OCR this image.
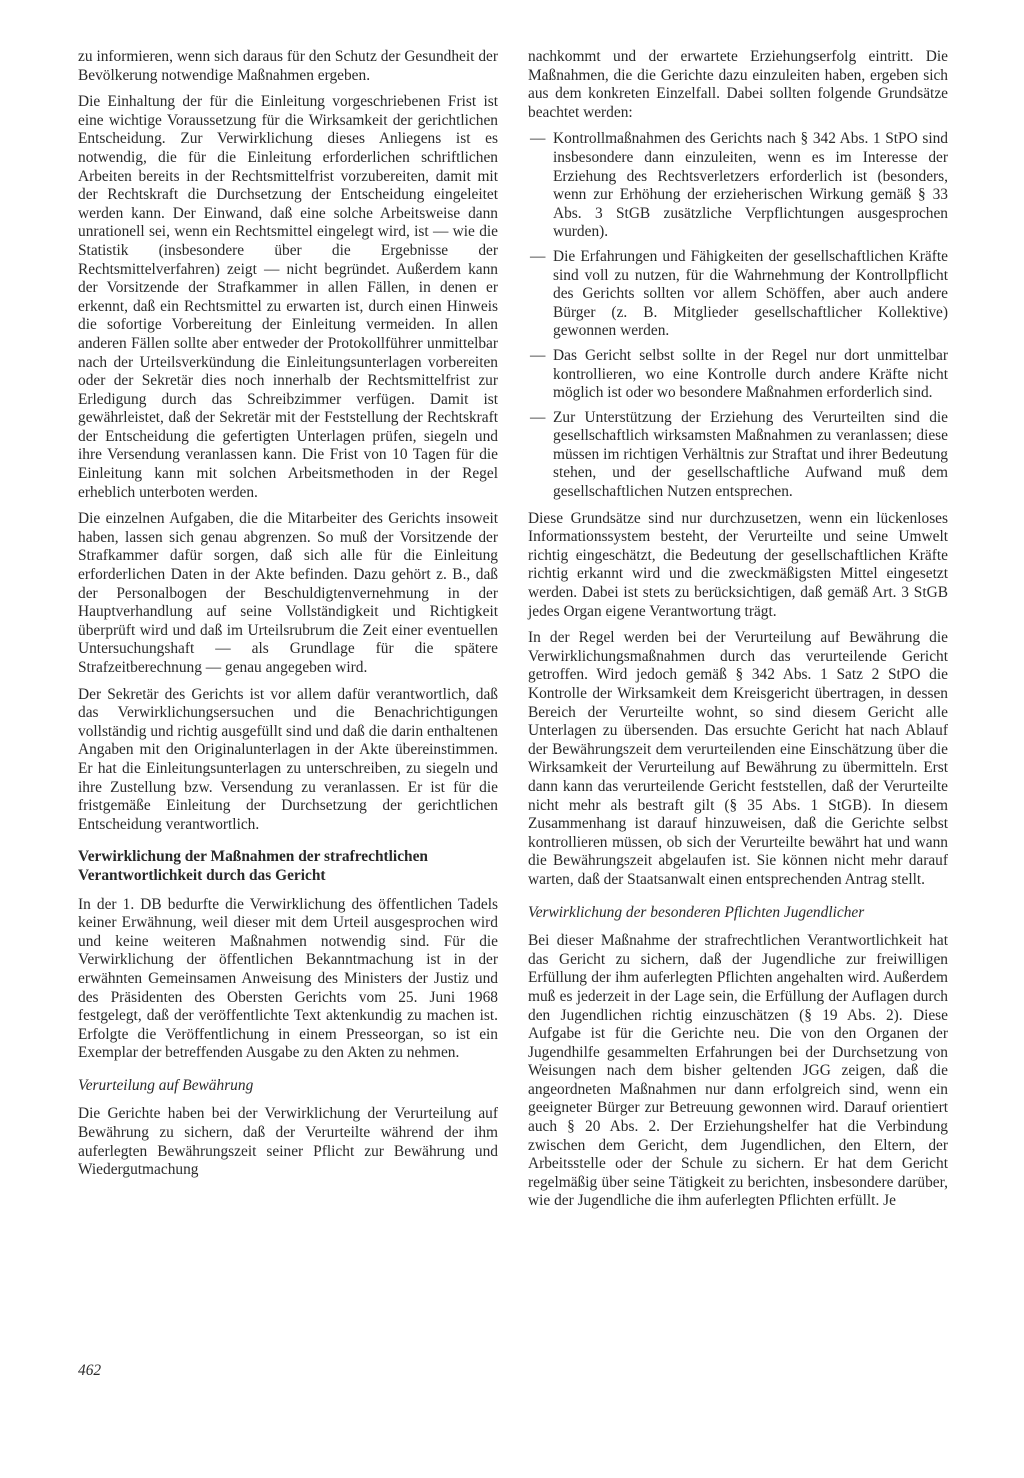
zu informieren, wenn sich daraus für den Schutz der Gesundheit der Bevölkerung notwendige Maßnahmen ergeben.

Die Einhaltung der für die Einleitung vorgeschriebenen Frist ist eine wichtige Voraussetzung für die Wirksamkeit der gerichtlichen Entscheidung. Zur Verwirklichung dieses Anliegens ist es notwendig, die für die Einleitung erforderlichen schriftlichen Arbeiten bereits in der Rechtsmittelfrist vorzubereiten, damit mit der Rechtskraft die Durchsetzung der Entscheidung eingeleitet werden kann. Der Einwand, daß eine solche Arbeitsweise dann unrationell sei, wenn ein Rechtsmittel eingelegt wird, ist — wie die Statistik (insbesondere über die Ergebnisse der Rechtsmittelverfahren) zeigt — nicht begründet. Außerdem kann der Vorsitzende der Strafkammer in allen Fällen, in denen er erkennt, daß ein Rechtsmittel zu erwarten ist, durch einen Hinweis die sofortige Vorbereitung der Einleitung vermeiden. In allen anderen Fällen sollte aber entweder der Protokollführer unmittelbar nach der Urteilsverkündung die Einleitungsunterlagen vorbereiten oder der Sekretär dies noch innerhalb der Rechtsmittelfrist zur Erledigung durch das Schreibzimmer verfügen. Damit ist gewährleistet, daß der Sekretär mit der Feststellung der Rechtskraft der Entscheidung die gefertigten Unterlagen prüfen, siegeln und ihre Versendung veranlassen kann. Die Frist von 10 Tagen für die Einleitung kann mit solchen Arbeitsmethoden in der Regel erheblich unterboten werden.

Die einzelnen Aufgaben, die die Mitarbeiter des Gerichts insoweit haben, lassen sich genau abgrenzen. So muß der Vorsitzende der Strafkammer dafür sorgen, daß sich alle für die Einleitung erforderlichen Daten in der Akte befinden. Dazu gehört z. B., daß der Personalbogen der Beschuldigtenvernehmung in der Hauptverhandlung auf seine Vollständigkeit und Richtigkeit überprüft wird und daß im Urteilsrubrum die Zeit einer eventuellen Untersuchungshaft — als Grundlage für die spätere Strafzeitberechnung — genau angegeben wird.

Der Sekretär des Gerichts ist vor allem dafür verantwortlich, daß das Verwirklichungsersuchen und die Benachrichtigungen vollständig und richtig ausgefüllt sind und daß die darin enthaltenen Angaben mit den Originalunterlagen in der Akte übereinstimmen. Er hat die Einleitungsunterlagen zu unterschreiben, zu siegeln und ihre Zustellung bzw. Versendung zu veranlassen. Er ist für die fristgemäße Einleitung der Durchsetzung der gerichtlichen Entscheidung verantwortlich.

Verwirklichung der Maßnahmen der strafrechtlichen Verantwortlichkeit durch das Gericht

In der 1. DB bedurfte die Verwirklichung des öffentlichen Tadels keiner Erwähnung, weil dieser mit dem Urteil ausgesprochen wird und keine weiteren Maßnahmen notwendig sind. Für die Verwirklichung der öffentlichen Bekanntmachung ist in der erwähnten Gemeinsamen Anweisung des Ministers der Justiz und des Präsidenten des Obersten Gerichts vom 25. Juni 1968 festgelegt, daß der veröffentlichte Text aktenkundig zu machen ist. Erfolgte die Veröffentlichung in einem Presseorgan, so ist ein Exemplar der betreffenden Ausgabe zu den Akten zu nehmen.

Verurteilung auf Bewährung

Die Gerichte haben bei der Verwirklichung der Verurteilung auf Bewährung zu sichern, daß der Verurteilte während der ihm auferlegten Bewährungszeit seiner Pflicht zur Bewährung und Wiedergutmachung

nachkommt und der erwartete Erziehungserfolg eintritt. Die Maßnahmen, die die Gerichte dazu einzuleiten haben, ergeben sich aus dem konkreten Einzelfall. Dabei sollten folgende Grundsätze beachtet werden:

— Kontrollmaßnahmen des Gerichts nach § 342 Abs. 1 StPO sind insbesondere dann einzuleiten, wenn es im Interesse der Erziehung des Rechtsverletzers erforderlich ist (besonders, wenn zur Erhöhung der erzieherischen Wirkung gemäß § 33 Abs. 3 StGB zusätzliche Verpflichtungen ausgesprochen wurden).
— Die Erfahrungen und Fähigkeiten der gesellschaftlichen Kräfte sind voll zu nutzen, für die Wahrnehmung der Kontrollpflicht des Gerichts sollten vor allem Schöffen, aber auch andere Bürger (z. B. Mitglieder gesellschaftlicher Kollektive) gewonnen werden.
— Das Gericht selbst sollte in der Regel nur dort unmittelbar kontrollieren, wo eine Kontrolle durch andere Kräfte nicht möglich ist oder wo besondere Maßnahmen erforderlich sind.
— Zur Unterstützung der Erziehung des Verurteilten sind die gesellschaftlich wirksamsten Maßnahmen zu veranlassen; diese müssen im richtigen Verhältnis zur Straftat und ihrer Bedeutung stehen, und der gesellschaftliche Aufwand muß dem gesellschaftlichen Nutzen entsprechen.

Diese Grundsätze sind nur durchzusetzen, wenn ein lückenloses Informationssystem besteht, der Verurteilte und seine Umwelt richtig eingeschätzt, die Bedeutung der gesellschaftlichen Kräfte richtig erkannt wird und die zweckmäßigsten Mittel eingesetzt werden. Dabei ist stets zu berücksichtigen, daß gemäß Art. 3 StGB jedes Organ eigene Verantwortung trägt.

In der Regel werden bei der Verurteilung auf Bewährung die Verwirklichungsmaßnahmen durch das verurteilende Gericht getroffen. Wird jedoch gemäß § 342 Abs. 1 Satz 2 StPO die Kontrolle der Wirksamkeit dem Kreisgericht übertragen, in dessen Bereich der Verurteilte wohnt, so sind diesem Gericht alle Unterlagen zu übersenden. Das ersuchte Gericht hat nach Ablauf der Bewährungszeit dem verurteilenden eine Einschätzung über die Wirksamkeit der Verurteilung auf Bewährung zu übermitteln. Erst dann kann das verurteilende Gericht feststellen, daß der Verurteilte nicht mehr als bestraft gilt (§ 35 Abs. 1 StGB). In diesem Zusammenhang ist darauf hinzuweisen, daß die Gerichte selbst kontrollieren müssen, ob sich der Verurteilte bewährt hat und wann die Bewährungszeit abgelaufen ist. Sie können nicht mehr darauf warten, daß der Staatsanwalt einen entsprechenden Antrag stellt.

Verwirklichung der besonderen Pflichten Jugendlicher

Bei dieser Maßnahme der strafrechtlichen Verantwortlichkeit hat das Gericht zu sichern, daß der Jugendliche zur freiwilligen Erfüllung der ihm auferlegten Pflichten angehalten wird. Außerdem muß es jederzeit in der Lage sein, die Erfüllung der Auflagen durch den Jugendlichen richtig einzuschätzen (§ 19 Abs. 2). Diese Aufgabe ist für die Gerichte neu. Die von den Organen der Jugendhilfe gesammelten Erfahrungen bei der Durchsetzung von Weisungen nach dem bisher geltenden JGG zeigen, daß die angeordneten Maßnahmen nur dann erfolgreich sind, wenn ein geeigneter Bürger zur Betreuung gewonnen wird. Darauf orientiert auch § 20 Abs. 2. Der Erziehungshelfer hat die Verbindung zwischen dem Gericht, dem Jugendlichen, den Eltern, der Arbeitsstelle oder der Schule zu sichern. Er hat dem Gericht regelmäßig über seine Tätigkeit zu berichten, insbesondere darüber, wie der Jugendliche die ihm auferlegten Pflichten erfüllt. Je

462
